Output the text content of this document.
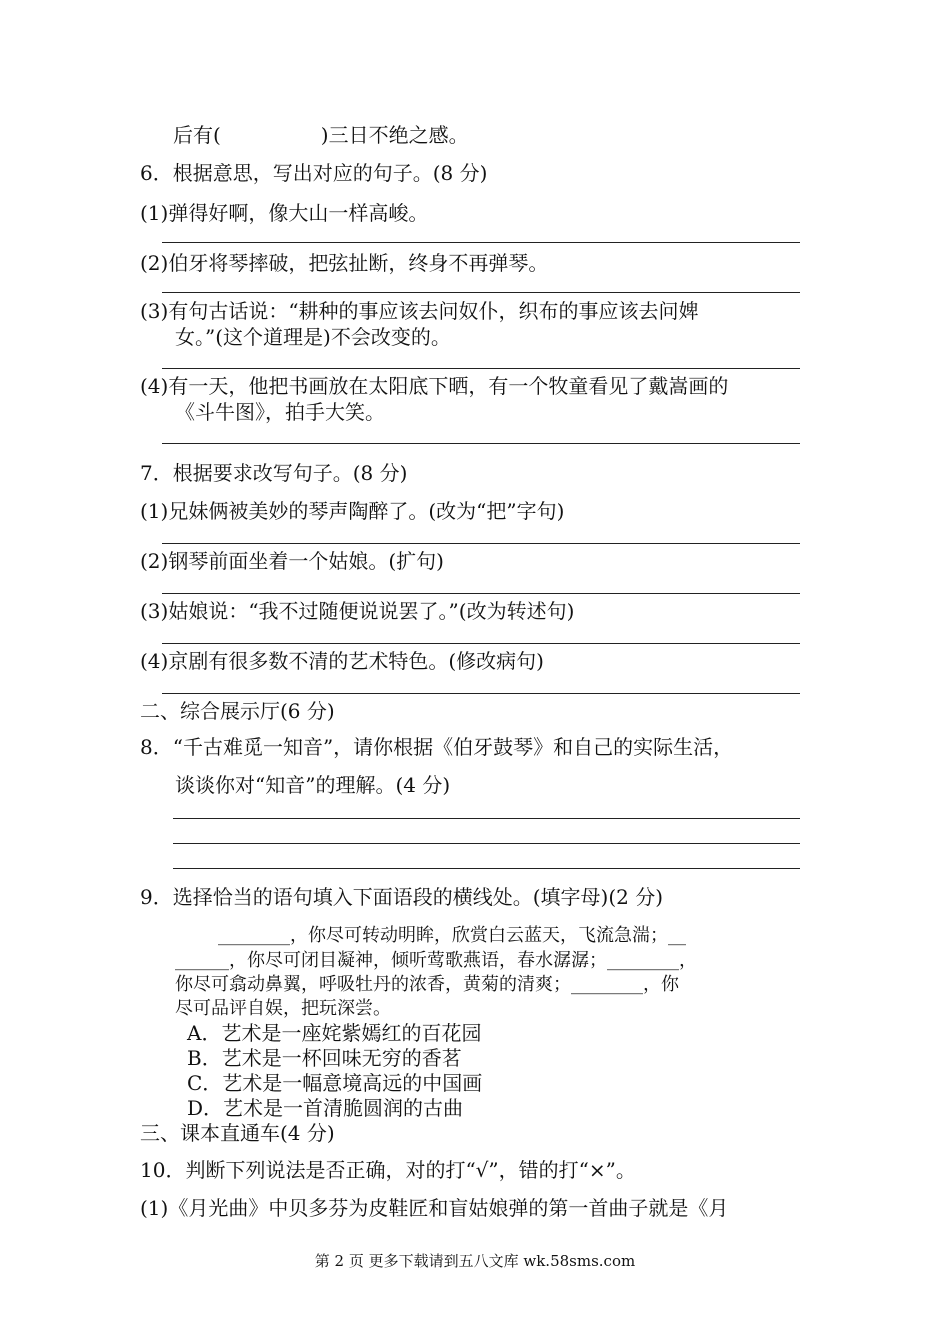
后有(　　　　　)三日不绝之感。
6．根据意思，写出对应的句子。(8 分)
(1)弹得好啊，像大山一样高峻。
(2)伯牙将琴摔破，把弦扯断，终身不再弹琴。
(3)有句古话说：“耕种的事应该去问奴仆，织布的事应该去问婢
女。”(这个道理是)不会改变的。
(4)有一天，他把书画放在太阳底下晒，有一个牧童看见了戴嵩画的
《斗牛图》，拍手大笑。
7．根据要求改写句子。(8 分)
(1)兄妹俩被美妙的琴声陶醉了。(改为“把”字句)
(2)钢琴前面坐着一个姑娘。(扩句)
(3)姑娘说：“我不过随便说说罢了。”(改为转述句)
(4)京剧有很多数不清的艺术特色。(修改病句)
二、综合展示厅(6 分)
8．“千古难觅一知音”，请你根据《伯牙鼓琴》和自己的实际生活，
谈谈你对“知音”的理解。(4 分)
9．选择恰当的语句填入下面语段的横线处。(填字母)(2 分)
________，你尽可转动明眸，欣赏白云蓝天，飞流急湍；__
______，你尽可闭目凝神，倾听莺歌燕语，春水潺潺；________，
你尽可翕动鼻翼，呼吸牡丹的浓香，黄菊的清爽；________，你
尽可品评自娱，把玩深尝。
A．艺术是一座姹紫嫣红的百花园
B．艺术是一杯回味无穷的香茗
C．艺术是一幅意境高远的中国画
D．艺术是一首清脆圆润的古曲
三、课本直通车(4 分)
10．判断下列说法是否正确，对的打“√”，错的打“×”。
(1)《月光曲》中贝多芬为皮鞋匠和盲姑娘弹的第一首曲子就是《月
第 2 页 更多下载请到五八文库 wk.58sms.com
